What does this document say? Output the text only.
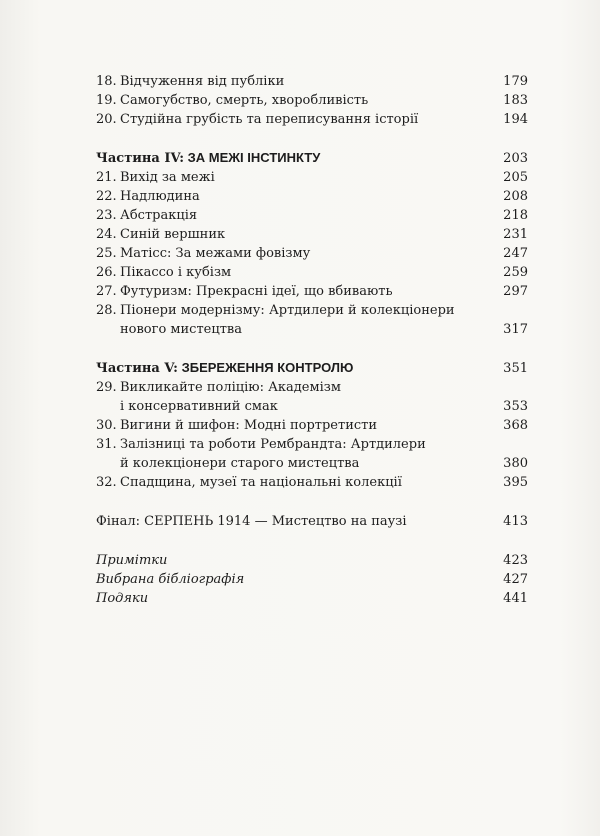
18. Відчуження від публіки	179
19. Самогубство, смерть, хворобливість	183
20. Студійна грубість та переписування історії	194
Частина IV: ЗА МЕЖІ ІНСТИНКТУ	203
21. Вихід за межі	205
22. Надлюдина	208
23. Абстракція	218
24. Синій вершник	231
25. Матісс: За межами фовізму	247
26. Пікассо і кубізм	259
27. Футуризм: Прекрасні ідеї, що вбивають	297
28. Піонери модернізму: Артдилери й колекціонери
нового мистецтва	317
Частина V: ЗБЕРЕЖЕННЯ КОНТРОЛЮ	351
29. Викликайте поліцію: Академізм
і консервативний смак	353
30. Вигини й шифон: Модні портретисти	368
31. Залізниці та роботи Рембрандта: Артдилери
й колекціонери старого мистецтва	380
32. Спадщина, музеї та національні колекції	395
Фінал: СЕРПЕНЬ 1914 — Мистецтво на паузі	413
Примітки	423
Вибрана бібліографія	427
Подяки	441
